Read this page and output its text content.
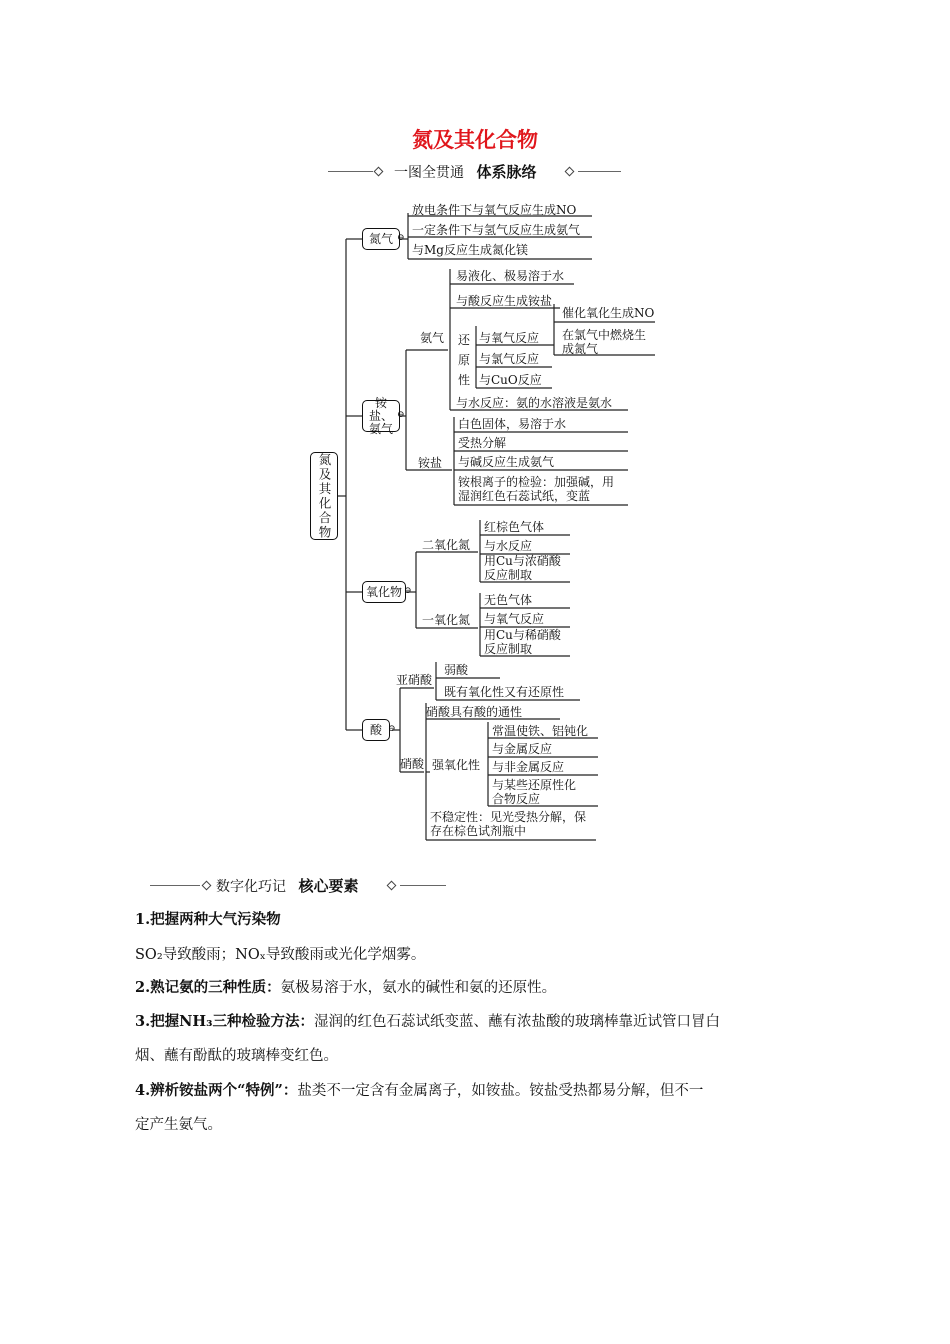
氮及其化合物
一图全贯通 体系脉络
氮及其化合物
氮气 ⊖
铵盐、氨气
⊖
氧化物 ⊖
酸 ⊖
放电条件下与氧气反应生成NO
一定条件下与氢气反应生成氨气
与Mg反应生成氮化镁
氨气
易液化、极易溶于水
与酸反应生成铵盐
还原性
与氧气反应
与氯气反应
与CuO反应
催化氧化生成NO
在氯气中燃烧生成氮气
与水反应：氨的水溶液是氨水
铵盐
白色固体，易溶于水
受热分解
与碱反应生成氨气
铵根离子的检验：加强碱，用湿润红色石蕊试纸，变蓝
二氧化氮
红棕色气体
与水反应
用Cu与浓硝酸反应制取
一氧化氮
无色气体
与氧气反应
用Cu与稀硝酸反应制取
亚硝酸
弱酸
既有氧化性又有还原性
硝酸
硝酸具有酸的通性
强氧化性
常温使铁、铝钝化
与金属反应
与非金属反应
与某些还原性化合物反应
不稳定性：见光受热分解，保存在棕色试剂瓶中
数字化巧记 核心要素
1.把握两种大气污染物
SO₂导致酸雨；NOₓ导致酸雨或光化学烟雾。
2.熟记氨的三种性质：氨极易溶于水，氨水的碱性和氨的还原性。
3.把握NH₃三种检验方法：湿润的红色石蕊试纸变蓝、蘸有浓盐酸的玻璃棒靠近试管口冒白
烟、蘸有酚酞的玻璃棒变红色。
4.辨析铵盐两个“特例”：盐类不一定含有金属离子，如铵盐。铵盐受热都易分解，但不一
定产生氨气。
